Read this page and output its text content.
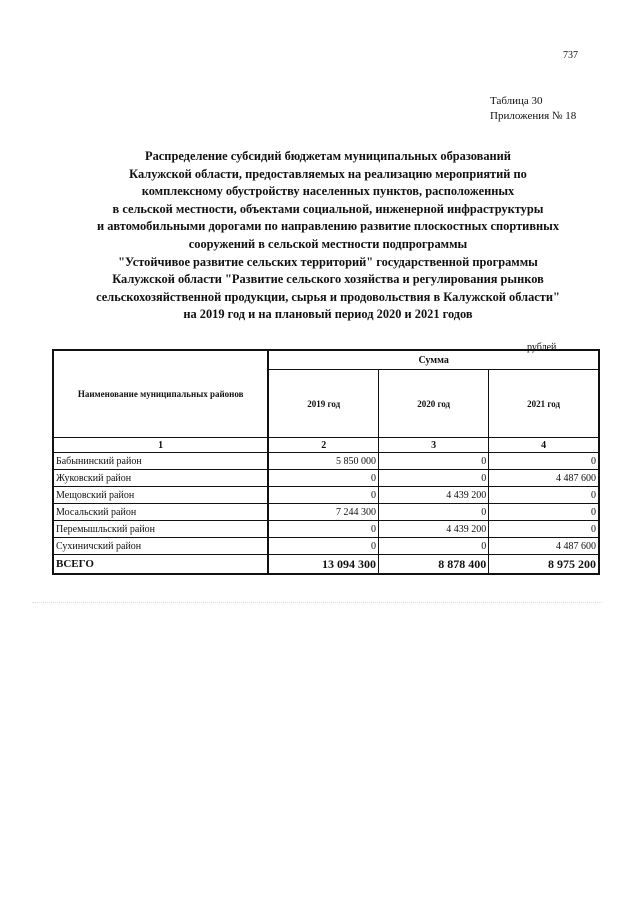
737
Таблица 30
Приложения № 18
Распределение субсидий бюджетам муниципальных образований
Калужской области, предоставляемых на реализацию мероприятий по
комплексному обустройству населенных пунктов, расположенных
в сельской местности, объектами социальной, инженерной инфраструктуры
и автомобильными дорогами по направлению развитие плоскостных спортивных
сооружений в сельской местности подпрограммы
"Устойчивое развитие сельских территорий" государственной программы
Калужской области "Развитие сельского хозяйства и регулирования рынков
сельскохозяйственной продукции, сырья и продовольствия в Калужской области"
на 2019 год и на плановый период 2020 и 2021 годов
рублей
Наименование муниципальных районов	Сумма		
	2019 год	2020 год	2021 год
1	2	3	4
Бабынинский район	5 850 000	0	0
Жуковский район	0	0	4 487 600
Мещовский район	0	4 439 200	0
Мосальский район	7 244 300	0	0
Перемышльский район	0	4 439 200	0
Сухиничский район	0	0	4 487 600
ВСЕГО	13 094 300	8 878 400	8 975 200
